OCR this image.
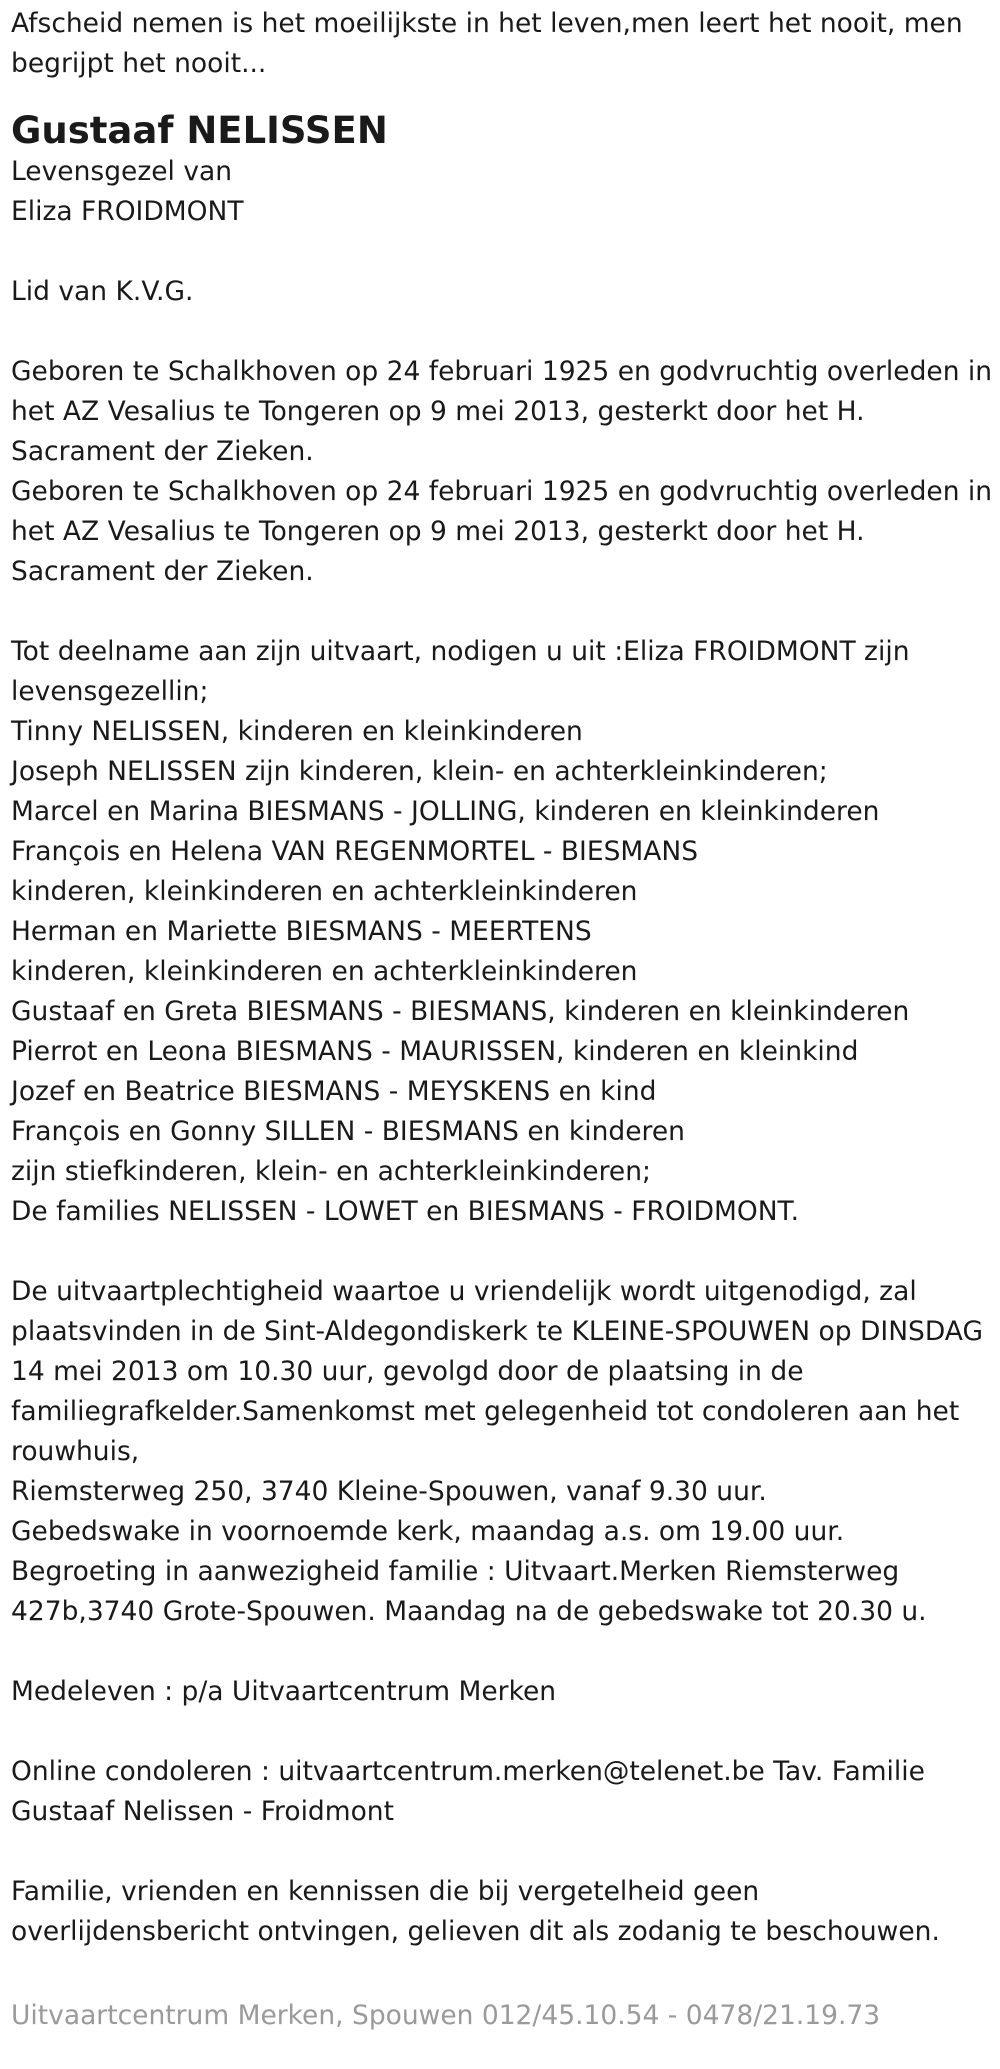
Afscheid nemen is het moeilijkste in het leven,men leert het nooit, men
begrijpt het nooit...
Gustaaf NELISSEN
Levensgezel van
Eliza FROIDMONT
Lid van K.V.G.
Geboren te Schalkhoven op 24 februari 1925 en godvruchtig overleden in
het AZ Vesalius te Tongeren op 9 mei 2013, gesterkt door het H.
Sacrament der Zieken.
Geboren te Schalkhoven op 24 februari 1925 en godvruchtig overleden in
het AZ Vesalius te Tongeren op 9 mei 2013, gesterkt door het H.
Sacrament der Zieken.
Tot deelname aan zijn uitvaart, nodigen u uit :Eliza FROIDMONT zijn
levensgezellin;
Tinny NELISSEN, kinderen en kleinkinderen
Joseph NELISSEN zijn kinderen, klein- en achterkleinkinderen;
Marcel en Marina BIESMANS - JOLLING, kinderen en kleinkinderen
François en Helena VAN REGENMORTEL - BIESMANS
kinderen, kleinkinderen en achterkleinkinderen
Herman en Mariette BIESMANS - MEERTENS
kinderen, kleinkinderen en achterkleinkinderen
Gustaaf en Greta BIESMANS - BIESMANS, kinderen en kleinkinderen
Pierrot en Leona BIESMANS - MAURISSEN, kinderen en kleinkind
Jozef en Beatrice BIESMANS - MEYSKENS en kind
François en Gonny SILLEN - BIESMANS en kinderen
zijn stiefkinderen, klein- en achterkleinkinderen;
De families NELISSEN - LOWET en BIESMANS - FROIDMONT.
De uitvaartplechtigheid waartoe u vriendelijk wordt uitgenodigd, zal
plaatsvinden in de Sint-Aldegondiskerk te KLEINE-SPOUWEN op DINSDAG
14 mei 2013 om 10.30 uur, gevolgd door de plaatsing in de
familiegrafkelder.Samenkomst met gelegenheid tot condoleren aan het
rouwhuis,
Riemsterweg 250, 3740 Kleine-Spouwen, vanaf 9.30 uur.
Gebedswake in voornoemde kerk, maandag a.s. om 19.00 uur.
Begroeting in aanwezigheid familie : Uitvaart.Merken Riemsterweg
427b,3740 Grote-Spouwen. Maandag na de gebedswake tot 20.30 u.
Medeleven : p/a Uitvaartcentrum Merken
Online condoleren : uitvaartcentrum.merken@telenet.be Tav. Familie
Gustaaf Nelissen - Froidmont
Familie, vrienden en kennissen die bij vergetelheid geen
overlijdensbericht ontvingen, gelieven dit als zodanig te beschouwen.
Uitvaartcentrum Merken, Spouwen 012/45.10.54 - 0478/21.19.73
